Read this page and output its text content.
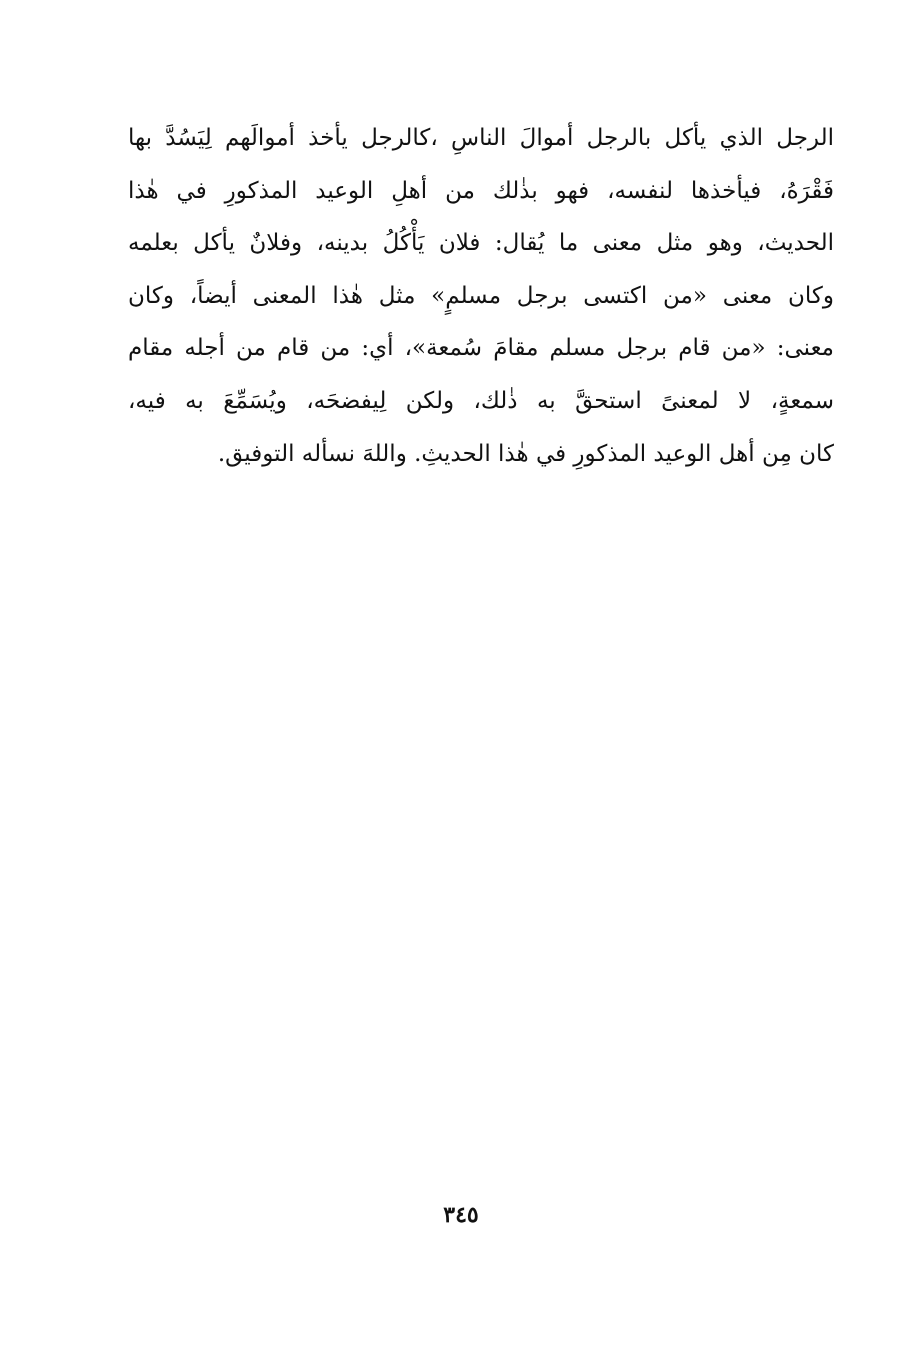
الرجل الذي يأكل بالرجل أموالَ الناسِ ،كالرجل يأخذ أموالَهم لِيَسُدَّ بها
فَقْرَهُ، فيأخذها لنفسه، فهو بذٰلك من أهلِ الوعيد المذكورِ في هٰذا
الحديث، وهو مثل معنى ما يُقال: فلان يَأْكُلُ بدينه، وفلانٌ يأكل بعلمه
وكان معنى «من اكتسى برجل مسلمٍ» مثل هٰذا المعنى أيضاً، وكان
معنى: «من قام برجل مسلم مقامَ سُمعة»، أي: من قام من أجله مقام
سمعةٍ، لا لمعنىً استحقَّ به ذٰلك، ولكن لِيفضحَه، ويُسَمِّعَ به فيه،
كان مِن أهل الوعيد المذكورِ في هٰذا الحديثِ. واللهَ نسأله التوفيق.
٣٤٥
